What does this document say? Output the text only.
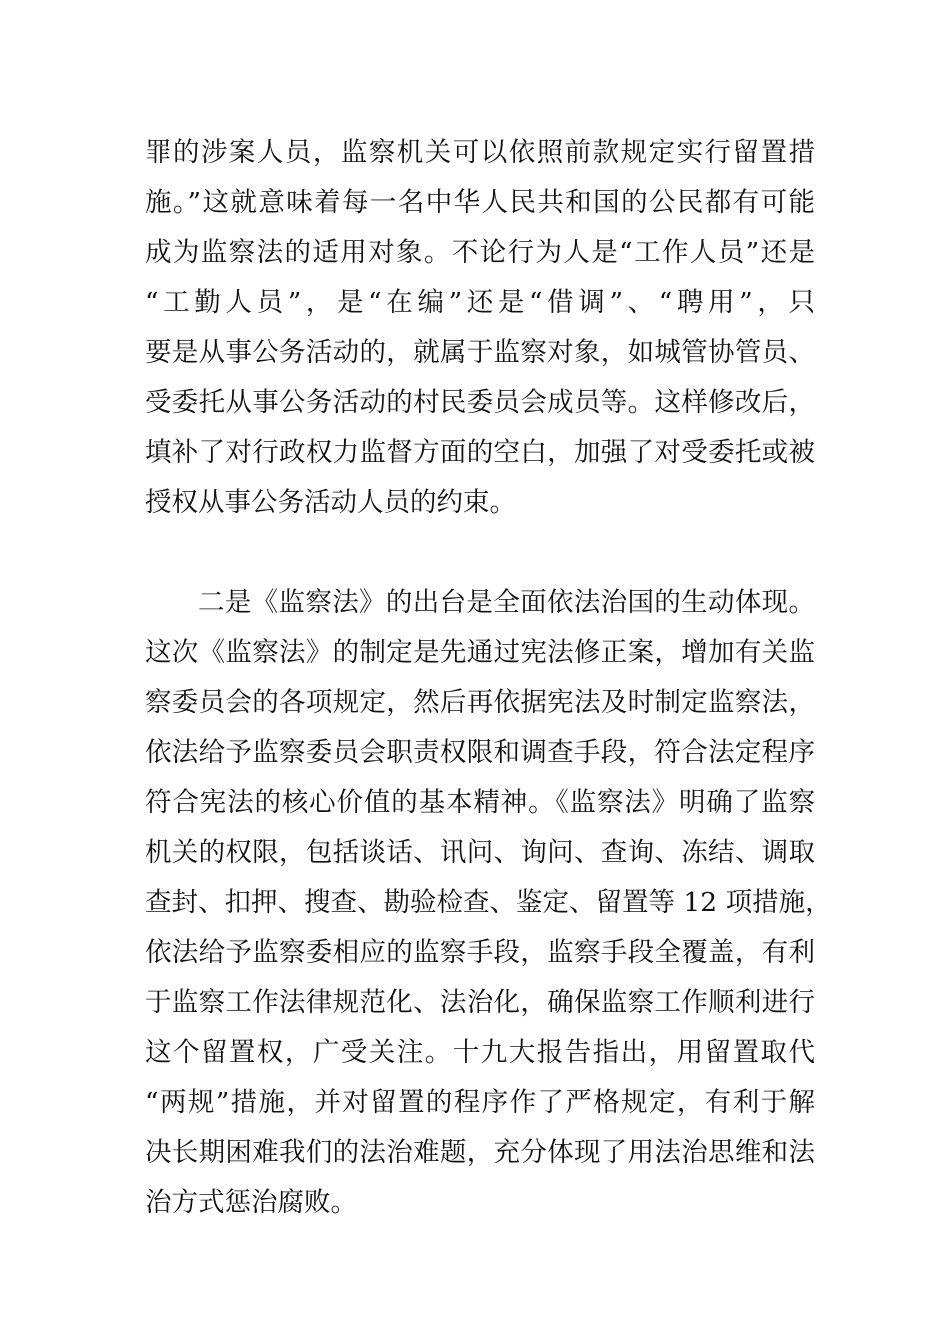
罪的涉案人员，监察机关可以依照前款规定实行留置措
施。”这就意味着每一名中华人民共和国的公民都有可能
成为监察法的适用对象。不论行为人是“工作人员”还是
“工勤人员”，是“在编”还是“借调”、“聘用”，只
要是从事公务活动的，就属于监察对象，如城管协管员、
受委托从事公务活动的村民委员会成员等。这样修改后，
填补了对行政权力监督方面的空白，加强了对受委托或被
授权从事公务活动人员的约束。
二是《监察法》的出台是全面依法治国的生动体现。
这次《监察法》的制定是先通过宪法修正案，增加有关监
察委员会的各项规定，然后再依据宪法及时制定监察法，
依法给予监察委员会职责权限和调查手段，符合法定程序
符合宪法的核心价值的基本精神。《监察法》明确了监察
机关的权限，包括谈话、讯问、询问、查询、冻结、调取
查封、扣押、搜查、勘验检查、鉴定、留置等 12 项措施，
依法给予监察委相应的监察手段，监察手段全覆盖，有利
于监察工作法律规范化、法治化，确保监察工作顺利进行
这个留置权，广受关注。十九大报告指出，用留置取代
“两规”措施，并对留置的程序作了严格规定，有利于解
决长期困难我们的法治难题，充分体现了用法治思维和法
治方式惩治腐败。
